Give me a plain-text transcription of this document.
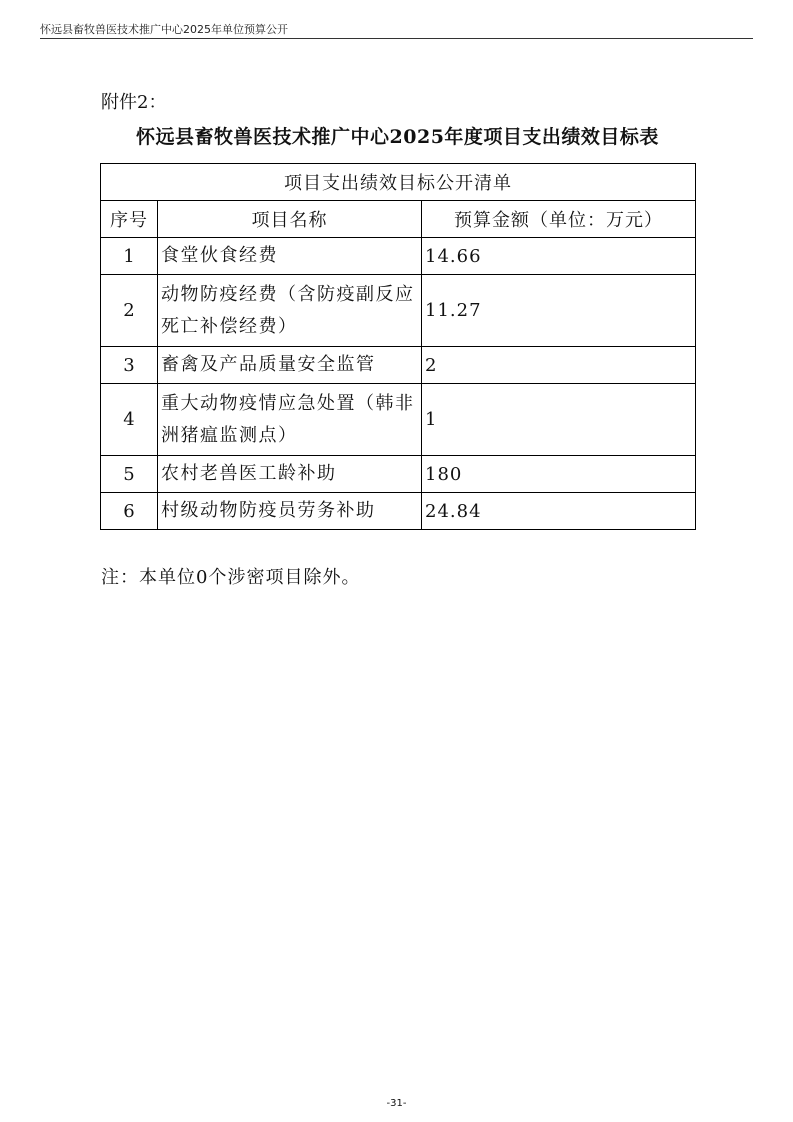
怀远县畜牧兽医技术推广中心2025年单位预算公开
附件2：
怀远县畜牧兽医技术推广中心2025年度项目支出绩效目标表
项目支出绩效目标公开清单		
序号	项目名称	预算金额（单位：万元）
1	食堂伙食经费	14.66
2	动物防疫经费（含防疫副反应死亡补偿经费）	11.27
3	畜禽及产品质量安全监管	2
4	重大动物疫情应急处置（韩非洲猪瘟监测点）	1
5	农村老兽医工龄补助	180
6	村级动物防疫员劳务补助	24.84
注：本单位0个涉密项目除外。
-31-
